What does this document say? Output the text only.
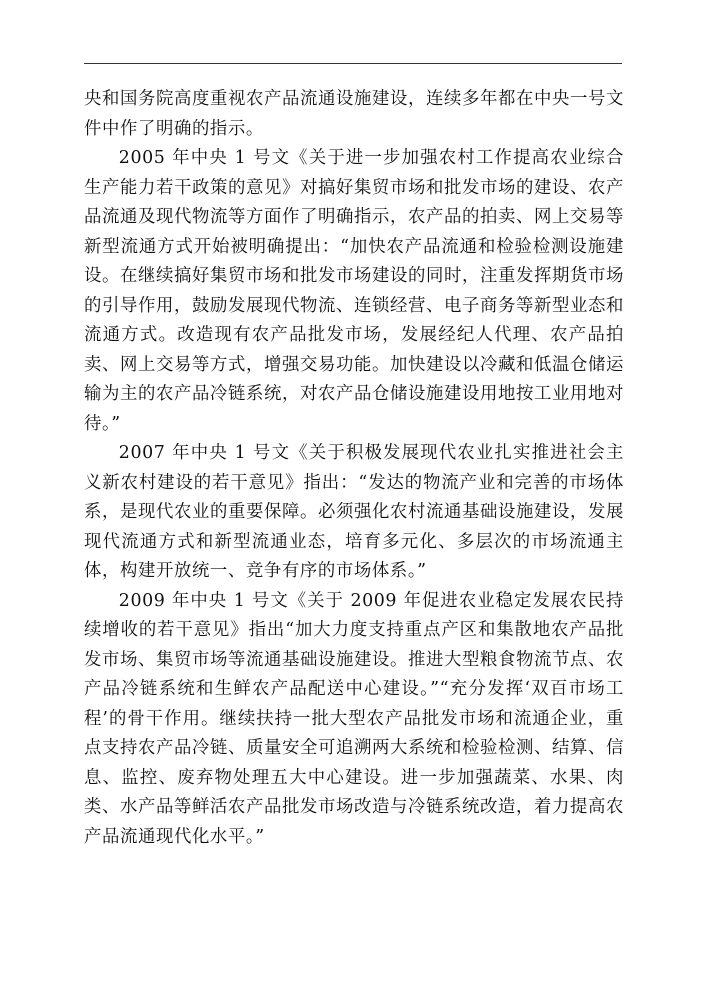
央和国务院高度重视农产品流通设施建设，连续多年都在中央一号文件中作了明确的指示。

2005 年中央 1 号文《关于进一步加强农村工作提高农业综合生产能力若干政策的意见》对搞好集贸市场和批发市场的建设、农产品流通及现代物流等方面作了明确指示，农产品的拍卖、网上交易等新型流通方式开始被明确提出：“加快农产品流通和检验检测设施建设。在继续搞好集贸市场和批发市场建设的同时，注重发挥期货市场的引导作用，鼓励发展现代物流、连锁经营、电子商务等新型业态和流通方式。改造现有农产品批发市场，发展经纪人代理、农产品拍卖、网上交易等方式，增强交易功能。加快建设以冷藏和低温仓储运输为主的农产品冷链系统，对农产品仓储设施建设用地按工业用地对待。”

2007 年中央 1 号文《关于积极发展现代农业扎实推进社会主义新农村建设的若干意见》指出：“发达的物流产业和完善的市场体系，是现代农业的重要保障。必须强化农村流通基础设施建设，发展现代流通方式和新型流通业态，培育多元化、多层次的市场流通主体，构建开放统一、竞争有序的市场体系。”

2009 年中央 1 号文《关于 2009 年促进农业稳定发展农民持续增收的若干意见》指出“加大力度支持重点产区和集散地农产品批发市场、集贸市场等流通基础设施建设。推进大型粮食物流节点、农产品冷链系统和生鲜农产品配送中心建设。”“充分发挥‘双百市场工程’的骨干作用。继续扶持一批大型农产品批发市场和流通企业，重点支持农产品冷链、质量安全可追溯两大系统和检验检测、结算、信息、监控、废弃物处理五大中心建设。进一步加强蔬菜、水果、肉类、水产品等鲜活农产品批发市场改造与冷链系统改造，着力提高农产品流通现代化水平。”
